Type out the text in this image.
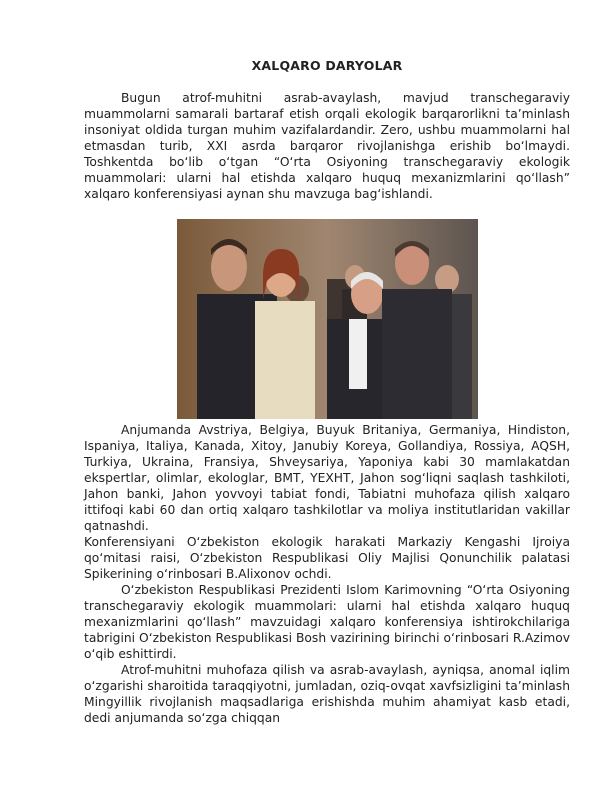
XALQARO DARYOLAR

Bugun atrof-muhitni asrab-avaylash, mavjud transchegaraviy muammolarni samarali bartaraf etish orqali ekologik barqarorlikni ta’minlash insoniyat oldida turgan muhim vazifalardandir. Zero, ushbu muammolarni hal etmasdan turib, XXI asrda barqaror rivojlanishga erishib bo‘lmaydi. Toshkentda bo‘lib o‘tgan “O‘rta Osiyoning transchegaraviy ekologik muammolari: ularni hal etishda xalqaro huquq mexanizmlarini qo‘llash” xalqaro konferensiyasi aynan shu mavzuga bag‘ishlandi.

Anjumanda Avstriya, Belgiya, Buyuk Britaniya, Germaniya, Hindiston, Ispaniya, Italiya, Kanada, Xitoy, Janubiy Koreya, Gollandiya, Rossiya, AQSH, Turkiya, Ukraina, Fransiya, Shveysariya, Yaponiya kabi 30 mamlakatdan ekspertlar, olimlar, ekologlar, BMT, YEXHT, Jahon sog‘liqni saqlash tashkiloti, Jahon banki, Jahon yovvoyi tabiat fondi, Tabiatni muhofaza qilish xalqaro ittifoqi kabi 60 dan ortiq xalqaro tashkilotlar va moliya institutlaridan vakillar qatnashdi.

Konferensiyani O‘zbekiston ekologik harakati Markaziy Kengashi Ijroiya qo‘mitasi raisi, O‘zbekiston Respublikasi Oliy Majlisi Qonunchilik palatasi Spikerining o‘rinbosari B.Alixonov ochdi.

O‘zbekiston Respublikasi Prezidenti Islom Karimovning “O‘rta Osiyoning transchegaraviy ekologik muammolari: ularni hal etishda xalqaro huquq mexanizmlarini qo‘llash” mavzuidagi xalqaro konferensiya ishtirokchilariga tabrigini O‘zbekiston Respublikasi Bosh vazirining birinchi o‘rinbosari R.Azimov o‘qib eshittirdi.

Atrof-muhitni muhofaza qilish va asrab-avaylash, ayniqsa, anomal iqlim o‘zgarishi sharoitida taraqqiyotni, jumladan, oziq-ovqat xavfsizligini ta’minlash Mingyillik rivojlanish maqsadlariga erishishda muhim ahamiyat kasb etadi, dedi anjumanda so‘zga chiqqan
